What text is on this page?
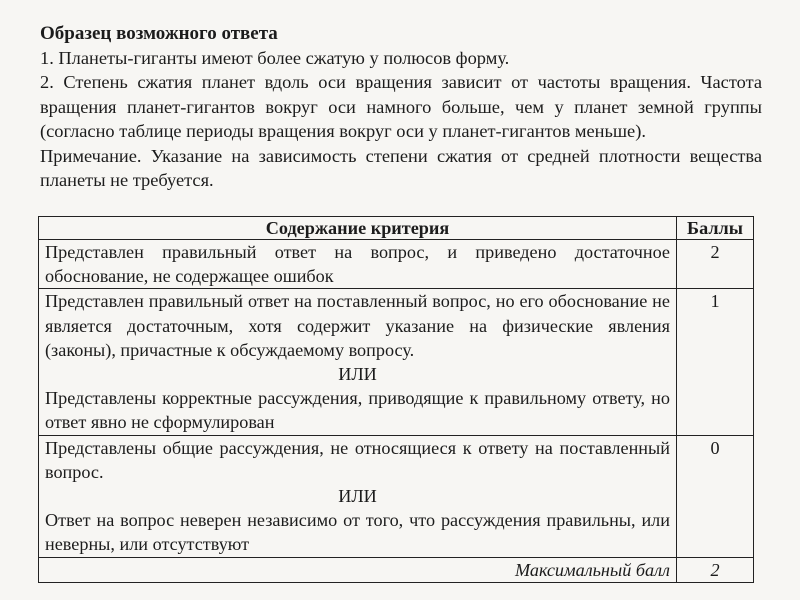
Образец возможного ответа

1. Планеты-гиганты имеют более сжатую у полюсов форму.

2. Степень сжатия планет вдоль оси вращения зависит от частоты вращения. Частота вращения планет-гигантов вокруг оси намного больше, чем у планет земной группы (согласно таблице периоды вращения вокруг оси у планет-гигантов меньше).

Примечание. Указание на зависимость степени сжатия от средней плотности вещества планеты не требуется.

Содержание критерия	Баллы

Представлен правильный ответ на вопрос, и приведено достаточное обоснование, не содержащее ошибок	2

Представлен правильный ответ на поставленный вопрос, но его обоснование не является достаточным, хотя содержит указание на физические явления (законы), причастные к обсуждаемому вопросу.
ИЛИ
Представлены корректные рассуждения, приводящие к правильному ответу, но ответ явно не сформулирован	1

Представлены общие рассуждения, не относящиеся к ответу на поставленный вопрос.
ИЛИ
Ответ на вопрос неверен независимо от того, что рассуждения правильны, или неверны, или отсутствуют	0
Максимальный балл	2
